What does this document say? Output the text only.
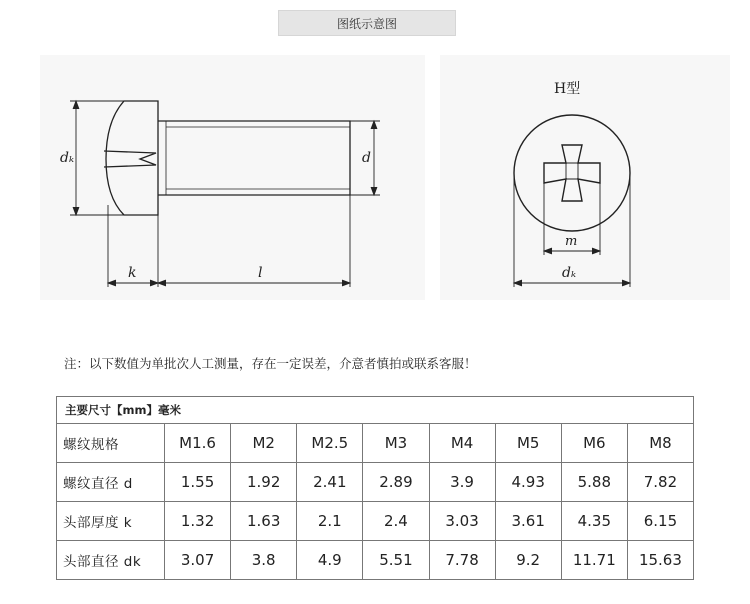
图纸示意图
dₖ	d
k	l
H型
m
dₖ
注：以下数值为单批次人工测量，存在一定误差，介意者慎拍或联系客服！
主要尺寸【mm】毫米								
螺纹规格	M1.6	M2	M2.5	M3	M4	M5	M6	M8
螺纹直径 d	1.55	1.92	2.41	2.89	3.9	4.93	5.88	7.82
头部厚度 k	1.32	1.63	2.1	2.4	3.03	3.61	4.35	6.15
头部直径 dk	3.07	3.8	4.9	5.51	7.78	9.2	11.71	15.63
